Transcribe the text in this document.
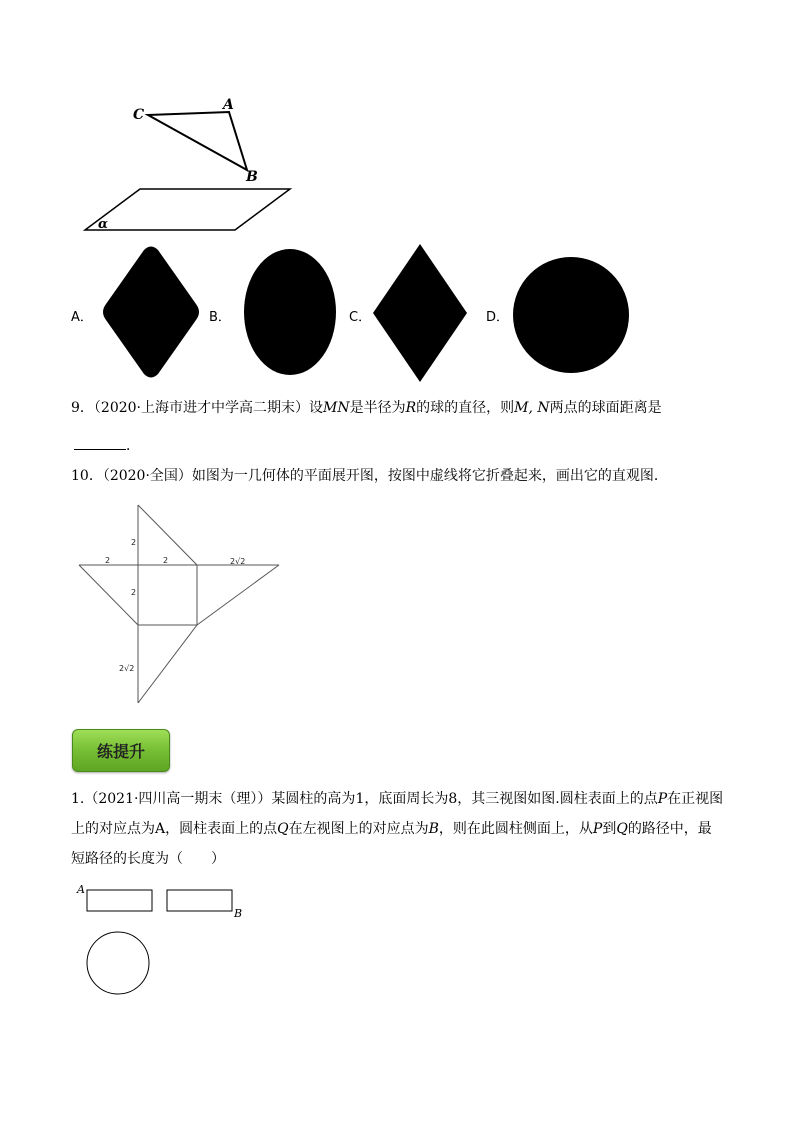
C
A
B
α
A．	B．	C．	D．
9．（2020·上海市进才中学高二期末）设MN是半径为R的球的直径，则M, N两点的球面距离是
．
10．（2020·全国）如图为一几何体的平面展开图，按图中虚线将它折叠起来，画出它的直观图．
2
2	2	2√2
2
2√2
练提升
1.（2021·四川高一期末（理））某圆柱的高为1，底面周长为8，其三视图如图.圆柱表面上的点P在正视图
上的对应点为A，圆柱表面上的点Q在左视图上的对应点为B，则在此圆柱侧面上，从P到Q的路径中，最
短路径的长度为（　　）
A
B
